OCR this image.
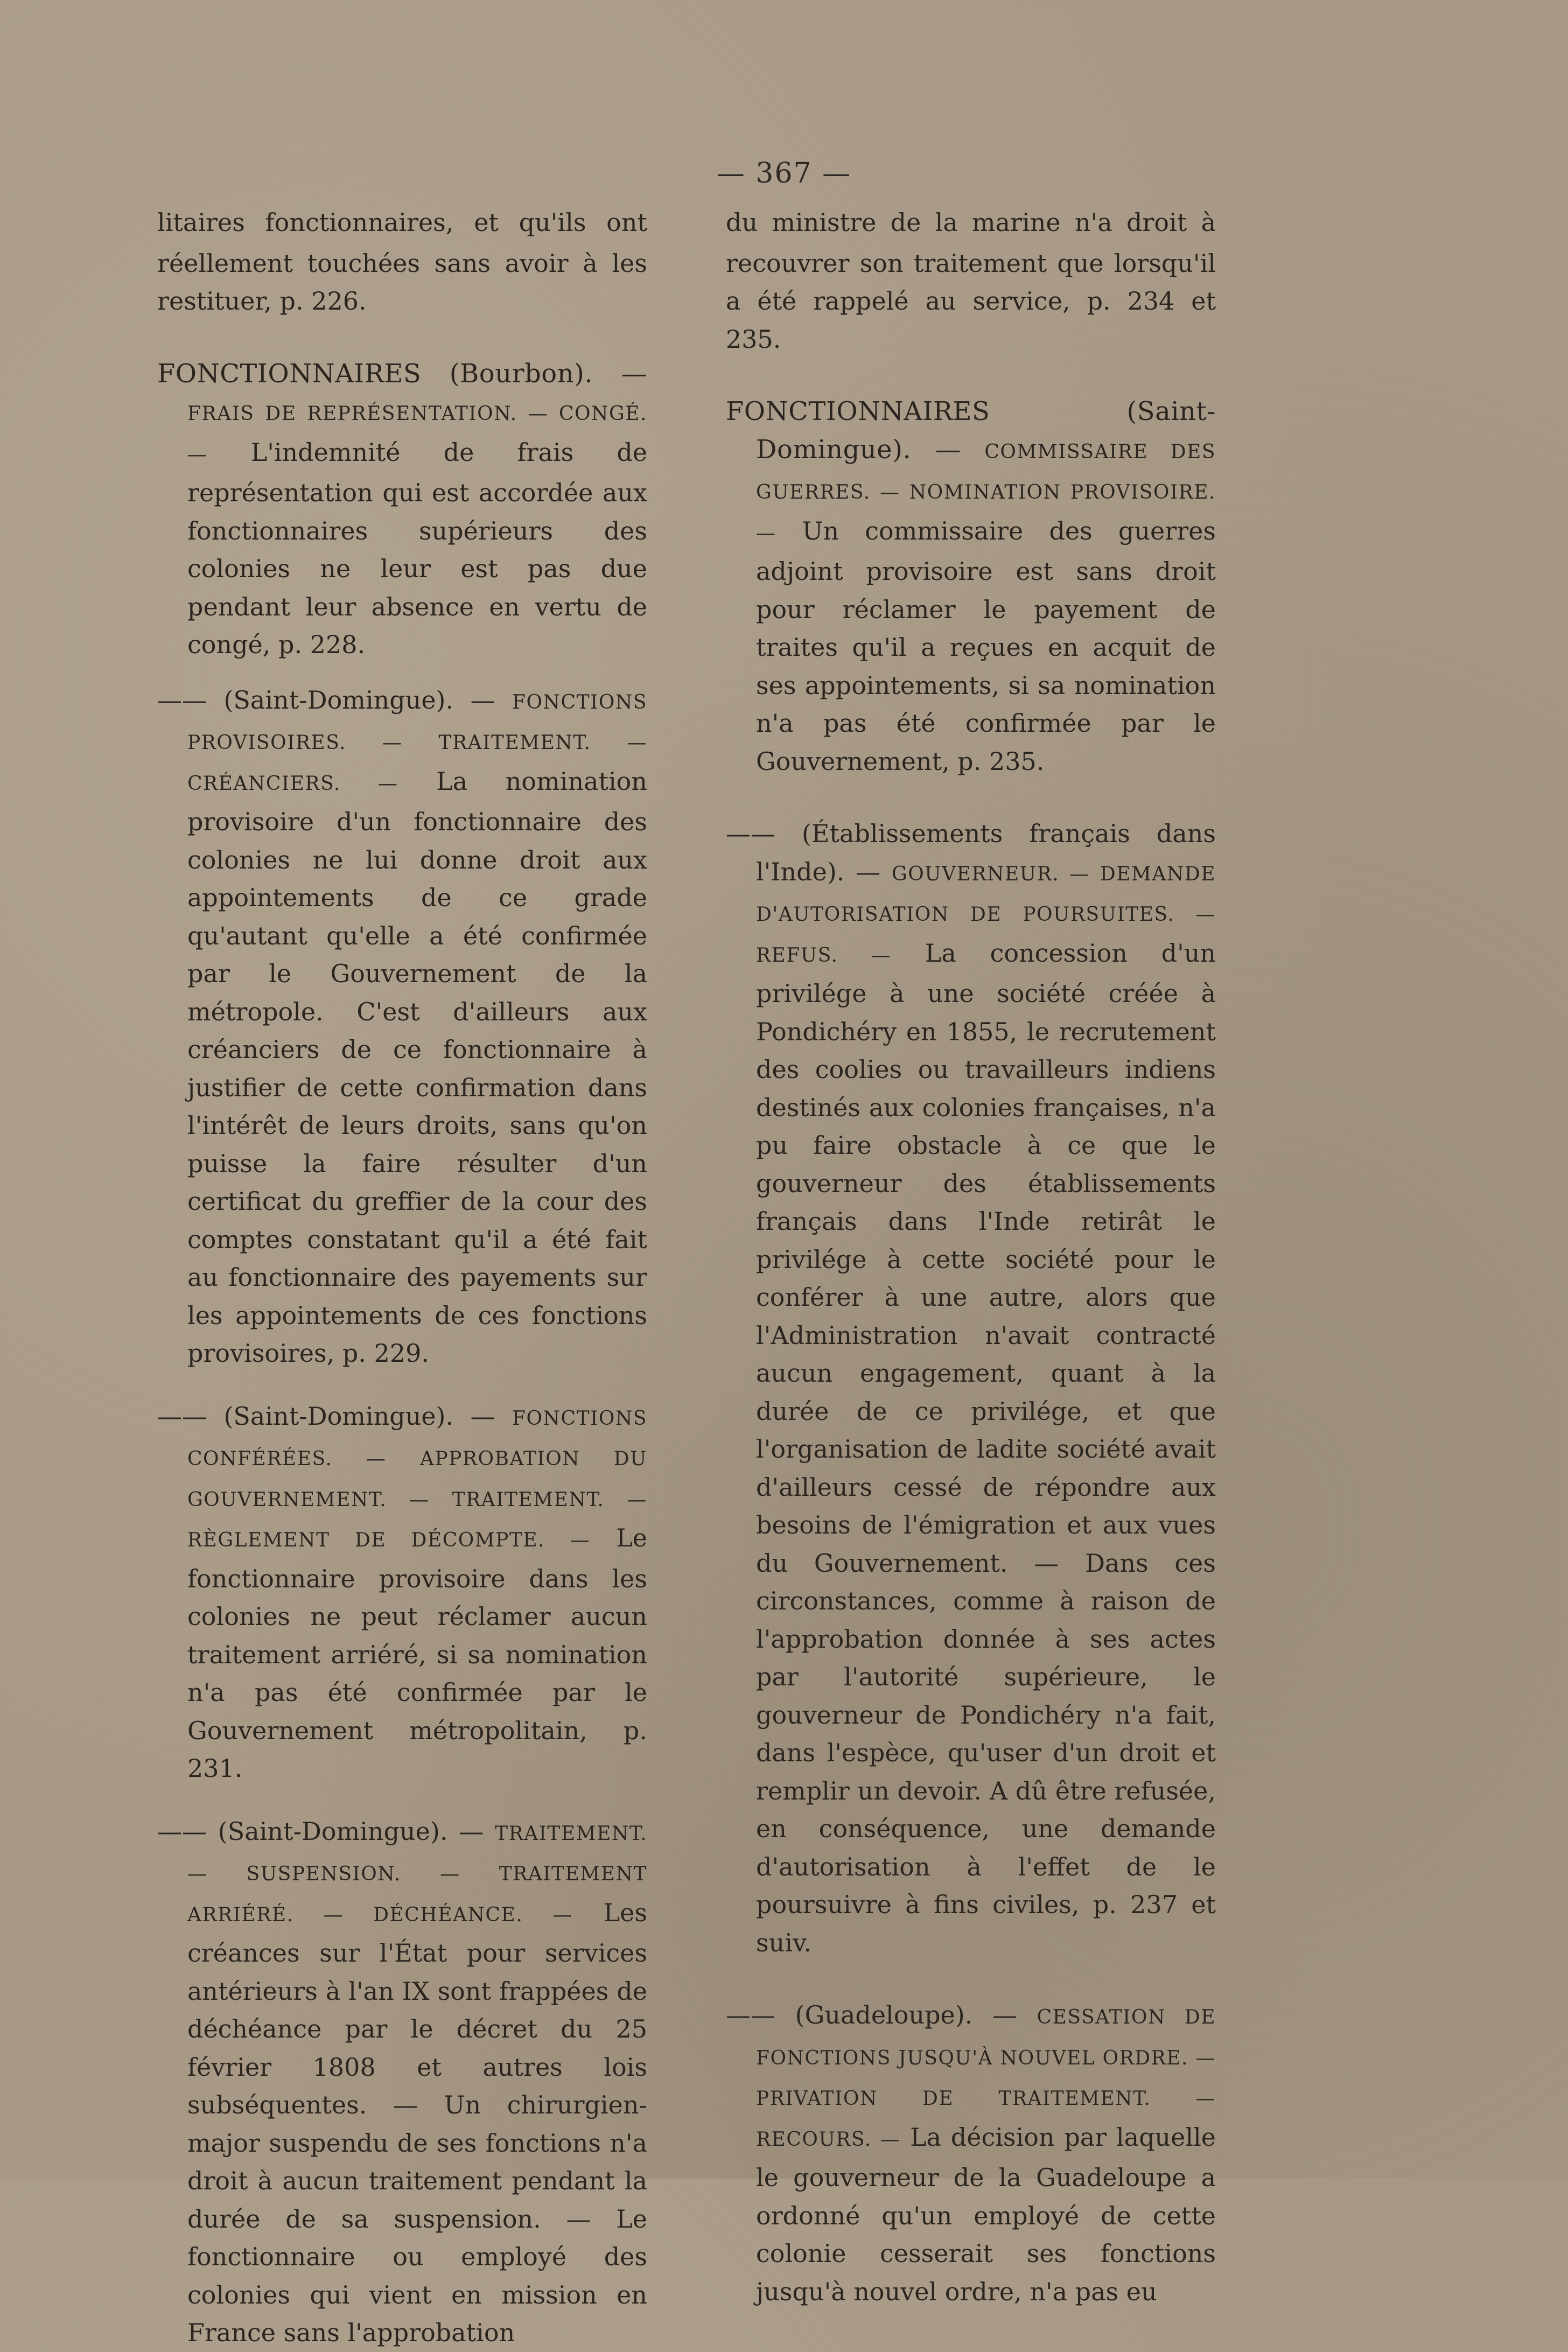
— 367 —

litaires fonctionnaires, et qu'ils ont réellement touchées sans avoir à les restituer, p. 226.

FONCTIONNAIRES (Bourbon). — FRAIS DE REPRÉSENTATION. — CONGÉ. — L'indemnité de frais de représentation qui est accordée aux fonctionnaires supérieurs des colonies ne leur est pas due pendant leur absence en vertu de congé, p. 228.

—— (Saint-Domingue). — FONCTIONS PROVISOIRES. — TRAITEMENT. — CRÉANCIERS. — La nomination provisoire d'un fonctionnaire des colonies ne lui donne droit aux appointements de ce grade qu'autant qu'elle a été confirmée par le Gouvernement de la métropole. C'est d'ailleurs aux créanciers de ce fonctionnaire à justifier de cette confirmation dans l'intérêt de leurs droits, sans qu'on puisse la faire résulter d'un certificat du greffier de la cour des comptes constatant qu'il a été fait au fonctionnaire des payements sur les appointements de ces fonctions provisoires, p. 229.

—— (Saint-Domingue). — FONCTIONS CONFÉRÉES. — APPROBATION DU GOUVERNEMENT. — TRAITEMENT. — RÈGLEMENT DE DÉCOMPTE. — Le fonctionnaire provisoire dans les colonies ne peut réclamer aucun traitement arriéré, si sa nomination n'a pas été confirmée par le Gouvernement métropolitain, p. 231.

—— (Saint-Domingue). — TRAITEMENT. — SUSPENSION. — TRAITEMENT ARRIÉRÉ. — DÉCHÉANCE. — Les créances sur l'État pour services antérieurs à l'an IX sont frappées de déchéance par le décret du 25 février 1808 et autres lois subséquentes. — Un chirurgien-major suspendu de ses fonctions n'a droit à aucun traitement pendant la durée de sa suspension. — Le fonctionnaire ou employé des colonies qui vient en mission en France sans l'approbation

du ministre de la marine n'a droit à recouvrer son traitement que lorsqu'il a été rappelé au service, p. 234 et 235.

FONCTIONNAIRES (Saint-Domingue). — COMMISSAIRE DES GUERRES. — NOMINATION PROVISOIRE. — Un commissaire des guerres adjoint provisoire est sans droit pour réclamer le payement de traites qu'il a reçues en acquit de ses appointements, si sa nomination n'a pas été confirmée par le Gouvernement, p. 235.

—— (Établissements français dans l'Inde). — GOUVERNEUR. — DEMANDE D'AUTORISATION DE POURSUITES. — REFUS. — La concession d'un privilége à une société créée à Pondichéry en 1855, le recrutement des coolies ou travailleurs indiens destinés aux colonies françaises, n'a pu faire obstacle à ce que le gouverneur des établissements français dans l'Inde retirât le privilége à cette société pour le conférer à une autre, alors que l'Administration n'avait contracté aucun engagement, quant à la durée de ce privilége, et que l'organisation de ladite société avait d'ailleurs cessé de répondre aux besoins de l'émigration et aux vues du Gouvernement. — Dans ces circonstances, comme à raison de l'approbation donnée à ses actes par l'autorité supérieure, le gouverneur de Pondichéry n'a fait, dans l'espèce, qu'user d'un droit et remplir un devoir. A dû être refusée, en conséquence, une demande d'autorisation à l'effet de le poursuivre à fins civiles, p. 237 et suiv.

—— (Guadeloupe). — CESSATION DE FONCTIONS JUSQU'À NOUVEL ORDRE. — PRIVATION DE TRAITEMENT. — RECOURS. — La décision par laquelle le gouverneur de la Guadeloupe a ordonné qu'un employé de cette colonie cesserait ses fonctions jusqu'à nouvel ordre, n'a pas eu
